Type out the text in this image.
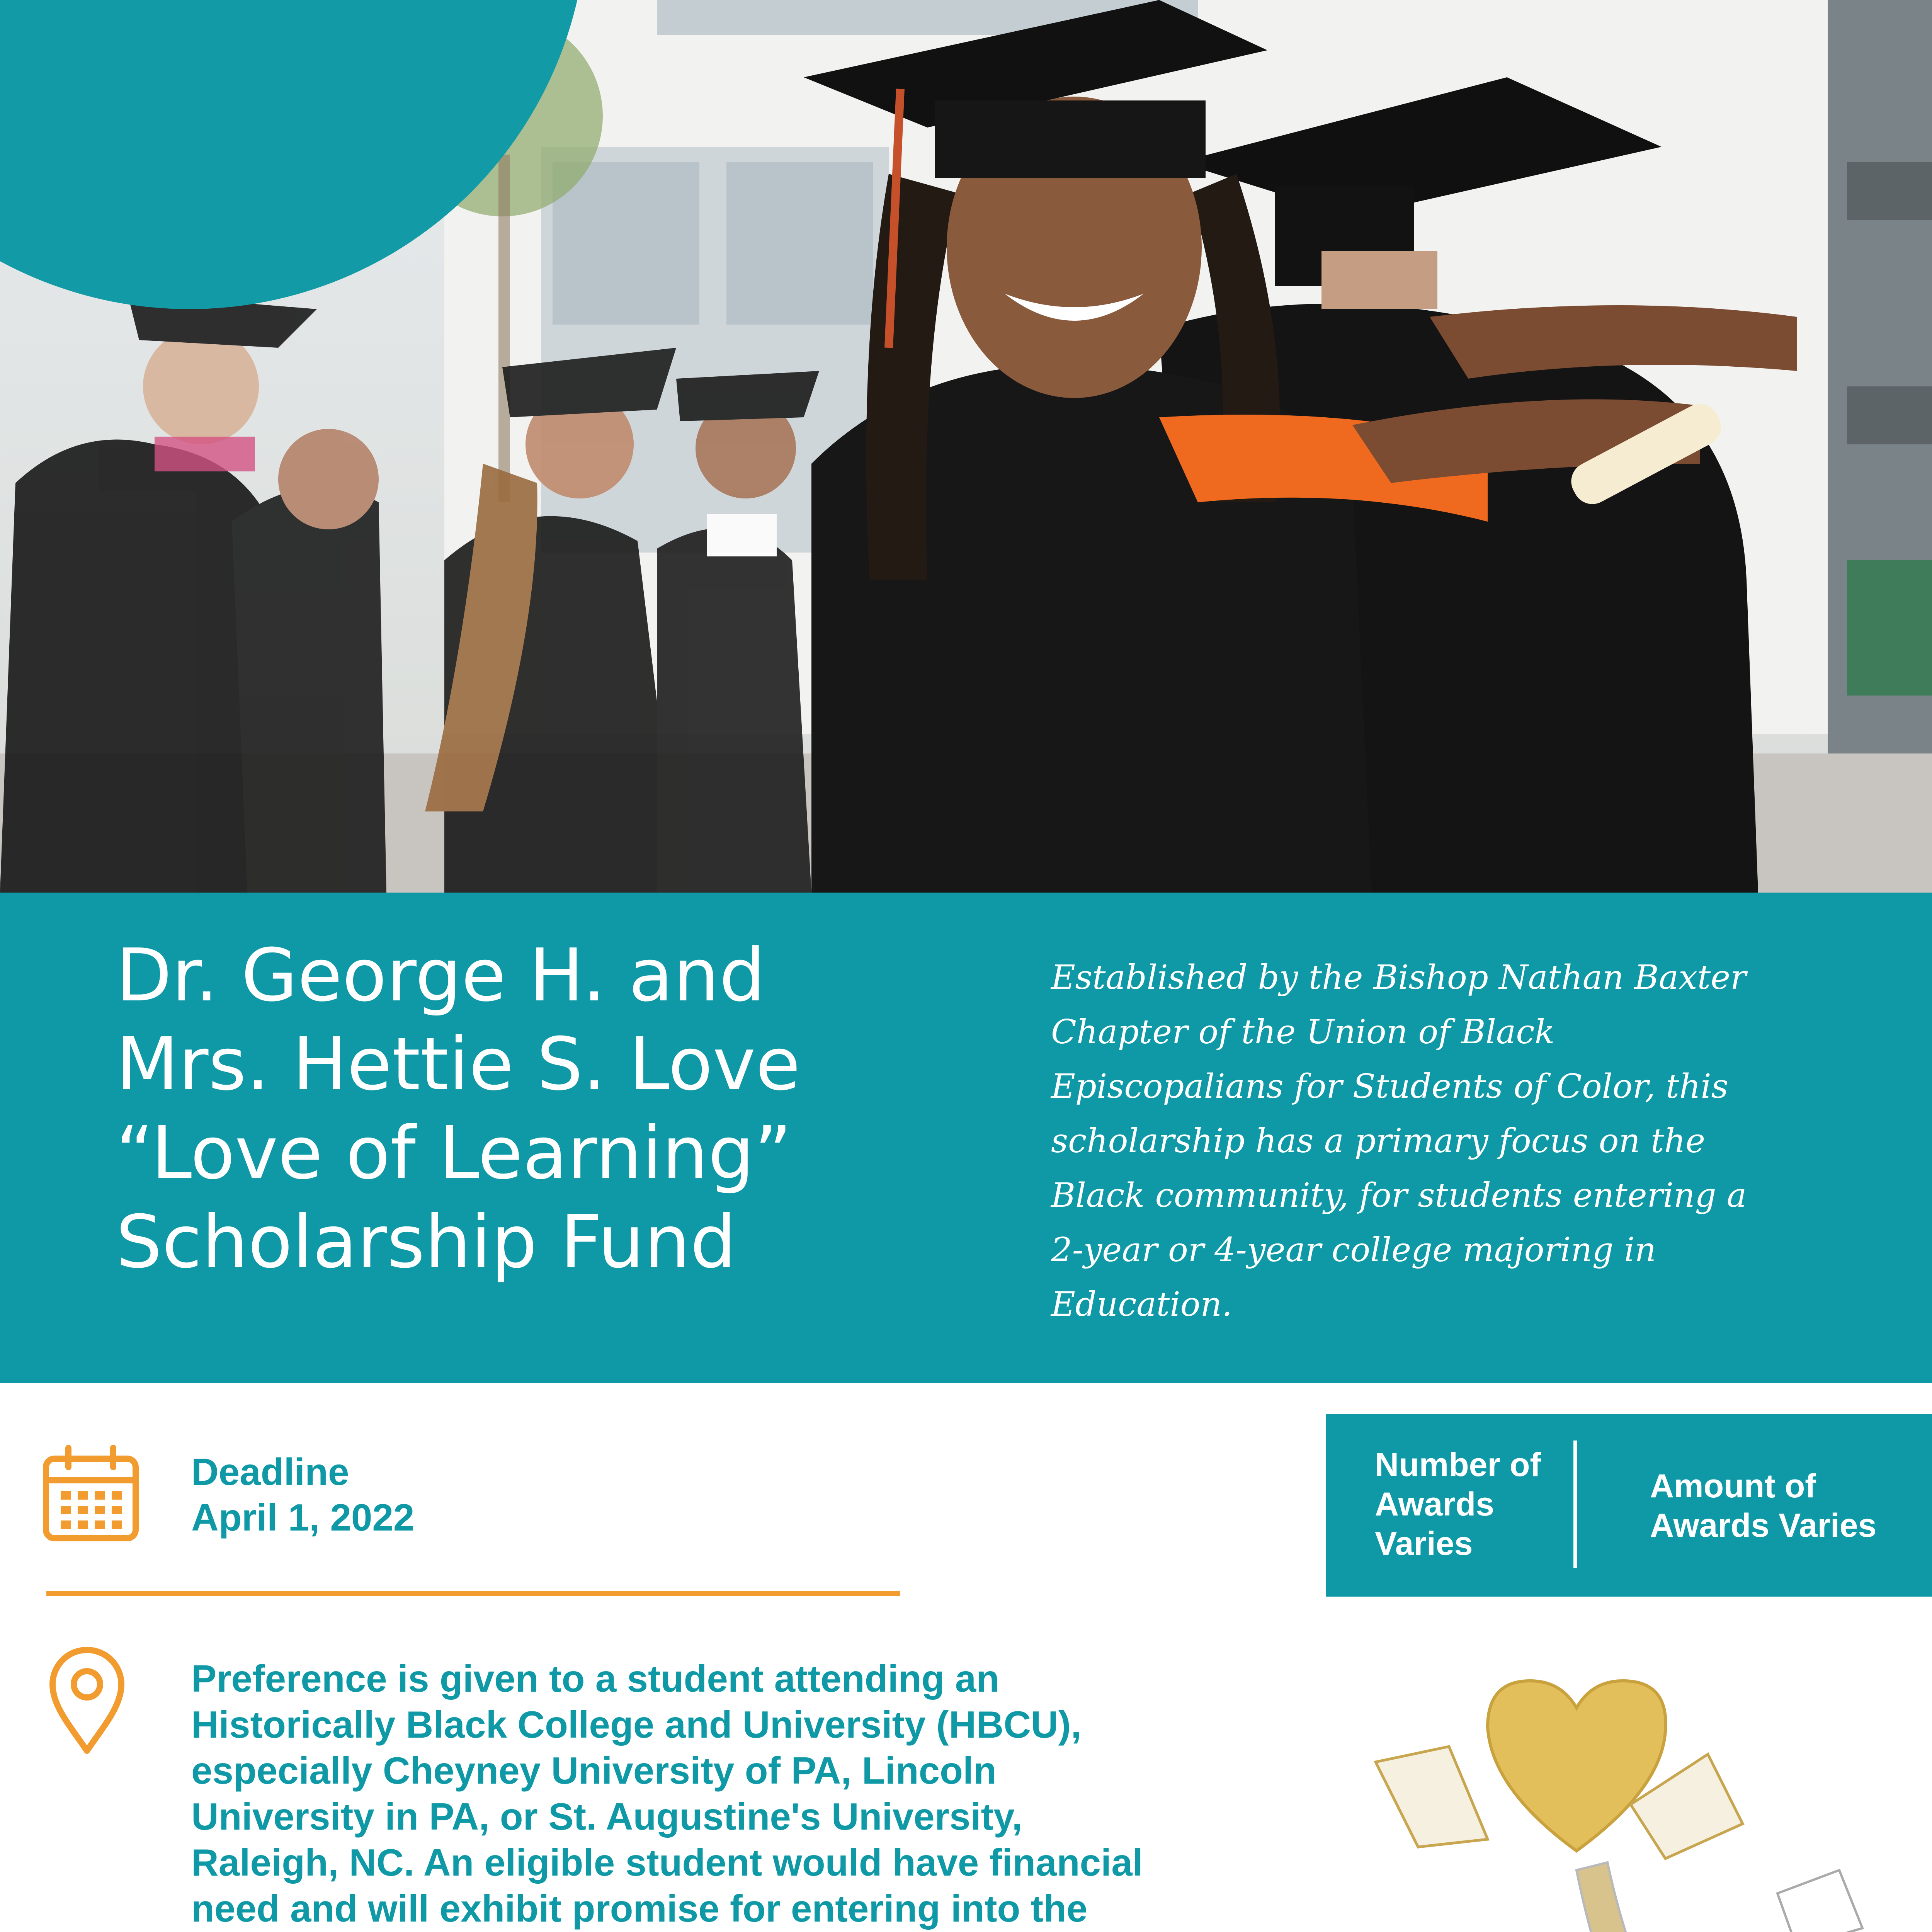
Dr. George H. and
Mrs. Hettie S. Love
“Love of Learning”
Scholarship Fund

Established by the Bishop Nathan Baxter
Chapter of the Union of Black
Episcopalians for Students of Color, this
scholarship has a primary focus on the
Black community, for students entering a
2-year or 4-year college majoring in
Education.

Deadline

April 1, 2022

Number of
Awards
Varies

Amount of
Awards Varies

Preference is given to a student attending an
Historically Black College and University (HBCU),
especially Cheyney University of PA, Lincoln
University in PA, or St. Augustine's University,
Raleigh, NC. An eligible student would have financial
need and will exhibit promise for entering into the
